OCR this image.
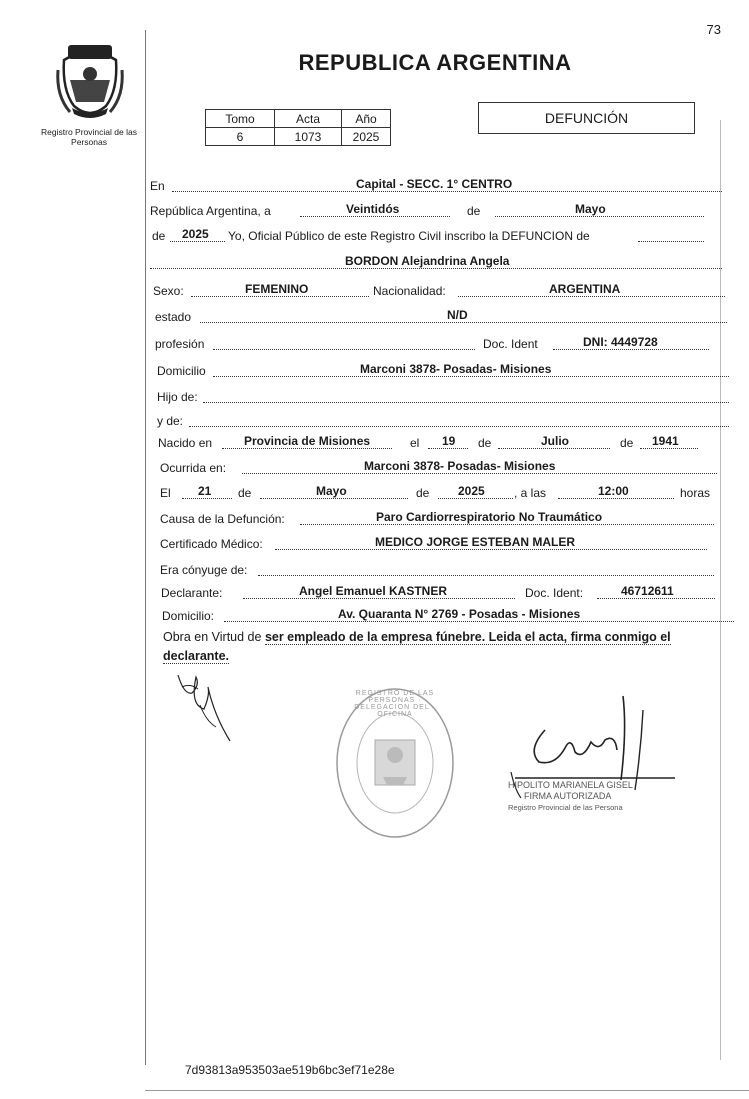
73
Registro Provincial de las Personas
REPUBLICA ARGENTINA
Tomo	Acta	Año
6	1073	2025
DEFUNCIÓN
En	Capital - SECC. 1° CENTRO
República Argentina, a	Veintidós	de	Mayo
de 2025 Yo, Oficial Público de este Registro Civil inscribo la DEFUNCION de
BORDON Alejandrina Angela
Sexo:	FEMENINO	Nacionalidad:	ARGENTINA
estado	N/D
profesión	Doc. Ident	DNI: 4449728
Domicilio	Marconi 3878- Posadas- Misiones
Hijo de:
y de:
Nacido en	Provincia de Misiones	el 19 de	Julio	de 1941
Ocurrida en:	Marconi 3878- Posadas- Misiones
El 21 de	Mayo	de 2025 , a las	12:00	horas
Causa de la Defunción:	Paro Cardiorrespiratorio No Traumático
Certificado Médico:	MEDICO JORGE ESTEBAN MALER
Era cónyuge de:
Declarante:	Angel Emanuel KASTNER	Doc. Ident:	46712611
Domicilio:	Av. Quaranta N° 2769 - Posadas - Misiones
Obra en Virtud de ser empleado de la empresa fúnebre. Leida el acta, firma conmigo el declarante.
REGISTRO DE LAS PERSONAS · DELEGACION DEL · OFICINA
HIPOLITO MARIANELA GISEL
FIRMA AUTORIZADA
Registro Provincial de las Persona
7d93813a953503ae519b6bc3ef71e28e
